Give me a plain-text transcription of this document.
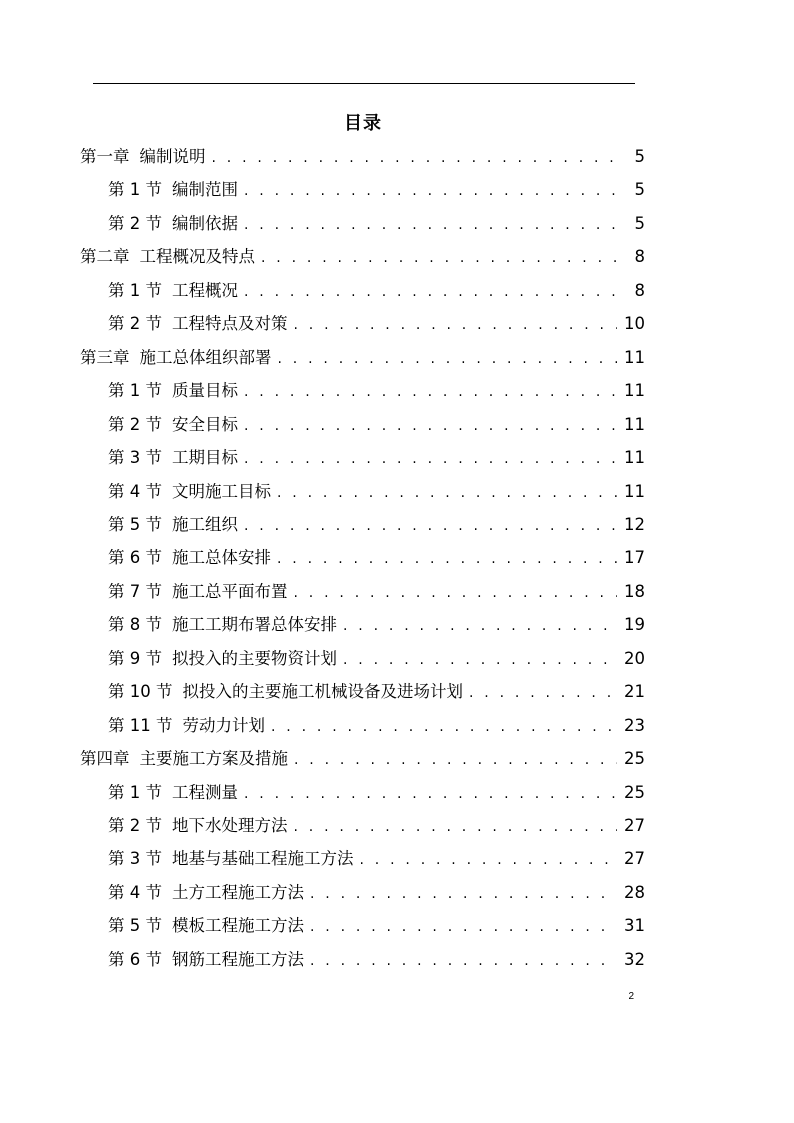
目录
第一章 编制说明 . . .	5
第 1 节 编制范围 . . .	5
第 2 节 编制依据 . . .	5
第二章 工程概况及特点 . . .	8
第 1 节 工程概况 . . .	8
第 2 节 工程特点及对策 . . .	10
第三章 施工总体组织部署 . . .	11
第 1 节 质量目标 . . .	11
第 2 节 安全目标 . . .	11
第 3 节 工期目标 . . .	11
第 4 节 文明施工目标 . . .	11
第 5 节 施工组织 . . .	12
第 6 节 施工总体安排 . . .	17
第 7 节 施工总平面布置 . . .	18
第 8 节 施工工期布署总体安排 . . .	19
第 9 节 拟投入的主要物资计划 . . .	20
第 10 节 拟投入的主要施工机械设备及进场计划 . . .	21
第 11 节 劳动力计划 . . .	23
第四章 主要施工方案及措施 . . .	25
第 1 节 工程测量 . . .	25
第 2 节 地下水处理方法 . . .	27
第 3 节 地基与基础工程施工方法 . . .	27
第 4 节 土方工程施工方法 . . .	28
第 5 节 模板工程施工方法 . . .	31
第 6 节 钢筋工程施工方法 . . .	32
2
